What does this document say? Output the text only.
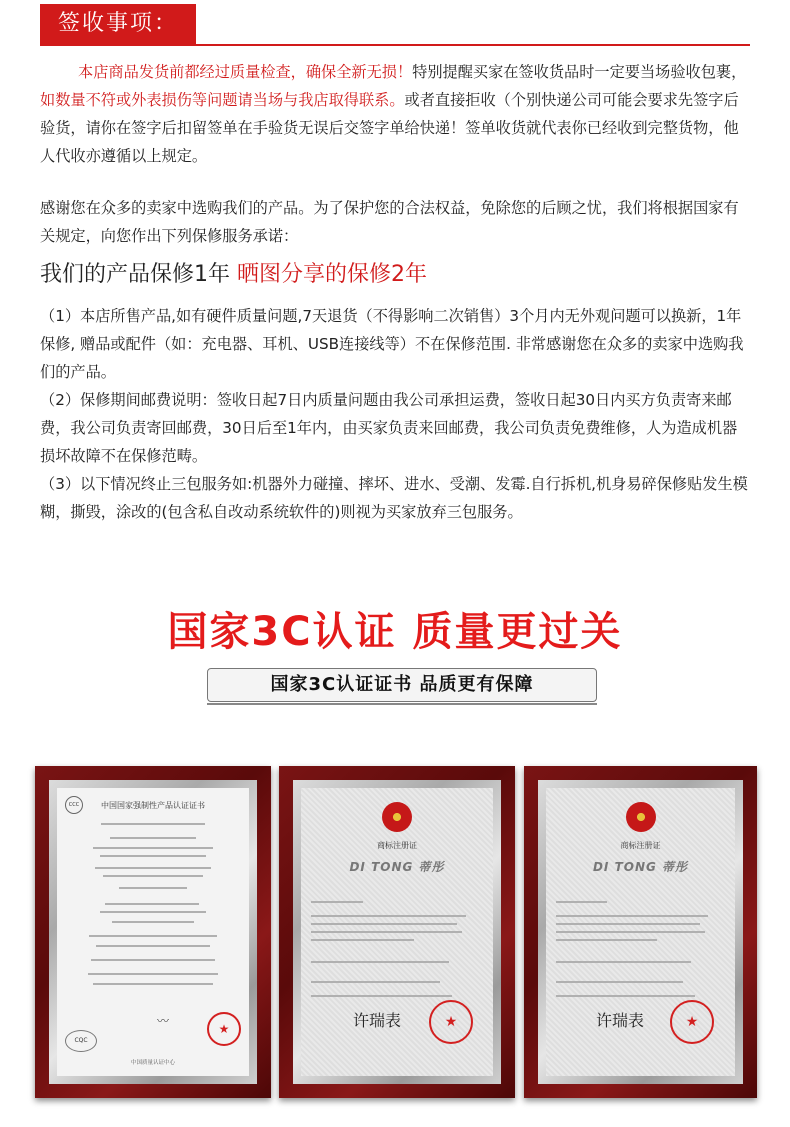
签收事项：
本店商品发货前都经过质量检查，确保全新无损！特别提醒买家在签收货品时一定要当场验收包裹，如数量不符或外表损伤等问题请当场与我店取得联系。或者直接拒收（个别快递公司可能会要求先签字后验货，请你在签字后扣留签单在手验货无误后交签字单给快递！签单收货就代表你已经收到完整货物，他人代收亦遵循以上规定。
感谢您在众多的卖家中选购我们的产品。为了保护您的合法权益，免除您的后顾之忧，我们将根据国家有关规定，向您作出下列保修服务承诺：
我们的产品保修1年 晒图分享的保修2年
（1）本店所售产品,如有硬件质量问题,7天退货（不得影响二次销售）3个月内无外观问题可以换新，1年保修, 赠品或配件（如：充电器、耳机、USB连接线等）不在保修范围. 非常感谢您在众多的卖家中选购我们的产品。
（2）保修期间邮费说明：签收日起7日内质量问题由我公司承担运费，签收日起30日内买方负责寄来邮费，我公司负责寄回邮费，30日后至1年内，由买家负责来回邮费，我公司负责免费维修，人为造成机器损坏故障不在保修范畴。
（3）以下情况终止三包服务如:机器外力碰撞、摔坏、进水、受潮、发霉.自行拆机,机身易碎保修贴发生模糊，撕毁，涂改的(包含私自改动系统软件的)则视为买家放弃三包服务。
国家3C认证 质量更过关
国家3C认证证书 品质更有保障
CCC	中国国家强制性产品认证证书
★
〰
CQC
中国质量认证中心
商标注册证
DI TONG 蒂彤
许瑞表	★
商标注册证
DI TONG 蒂彤
许瑞表	★
